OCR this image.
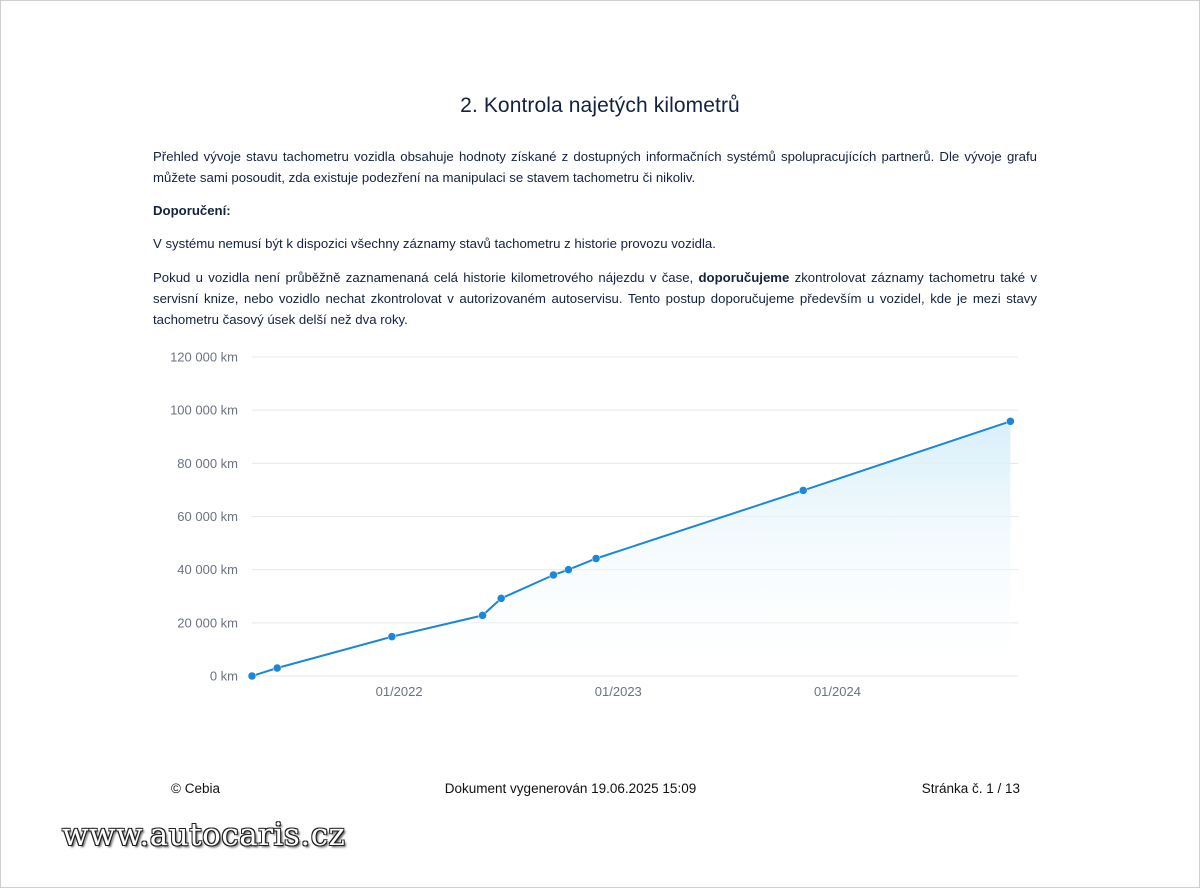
2. Kontrola najetých kilometrů
Přehled vývoje stavu tachometru vozidla obsahuje hodnoty získané z dostupných informačních systémů spolupracujících partnerů. Dle vývoje grafu můžete sami posoudit, zda existuje podezření na manipulaci se stavem tachometru či nikoliv.
Doporučení:
V systému nemusí být k dispozici všechny záznamy stavů tachometru z historie provozu vozidla.
Pokud u vozidla není průběžně zaznamenaná celá historie kilometrového nájezdu v čase, doporučujeme zkontrolovat záznamy tachometru také v servisní knize, nebo vozidlo nechat zkontrolovat v autorizovaném autoservisu. Tento postup doporučujeme především u vozidel, kde je mezi stavy tachometru časový úsek delší než dva roky.
0 km
20 000 km
40 000 km
60 000 km
80 000 km
100 000 km
120 000 km
01/2022	01/2023	01/2024
© Cebia	Dokument vygenerován 19.06.2025 15:09	Stránka č. 1 / 13
www.autocaris.cz
